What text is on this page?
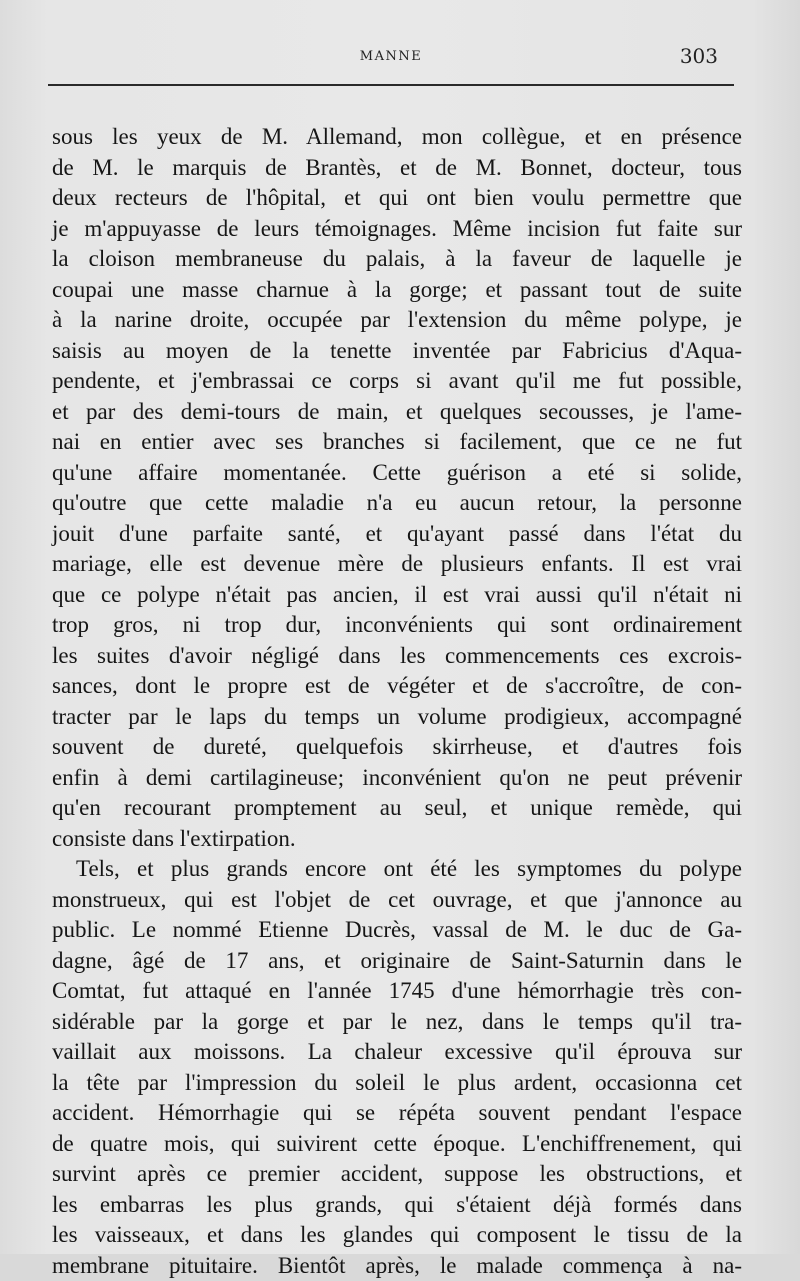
MANNE	303
sous les yeux de M. Allemand, mon collègue, et en présence
de M. le marquis de Brantès, et de M. Bonnet, docteur, tous
deux recteurs de l'hôpital, et qui ont bien voulu permettre que
je m'appuyasse de leurs témoignages. Même incision fut faite sur
la cloison membraneuse du palais, à la faveur de laquelle je
coupai une masse charnue à la gorge; et passant tout de suite
à la narine droite, occupée par l'extension du même polype, je
saisis au moyen de la tenette inventée par Fabricius d'Aqua-
pendente, et j'embrassai ce corps si avant qu'il me fut possible,
et par des demi-tours de main, et quelques secousses, je l'ame-
nai en entier avec ses branches si facilement, que ce ne fut
qu'une affaire momentanée. Cette guérison a eté si solide,
qu'outre que cette maladie n'a eu aucun retour, la personne
jouit d'une parfaite santé, et qu'ayant passé dans l'état du
mariage, elle est devenue mère de plusieurs enfants. Il est vrai
que ce polype n'était pas ancien, il est vrai aussi qu'il n'était ni
trop gros, ni trop dur, inconvénients qui sont ordinairement
les suites d'avoir négligé dans les commencements ces excrois-
sances, dont le propre est de végéter et de s'accroître, de con-
tracter par le laps du temps un volume prodigieux, accompagné
souvent de dureté, quelquefois skirrheuse, et d'autres fois
enfin à demi cartilagineuse; inconvénient qu'on ne peut prévenir
qu'en recourant promptement au seul, et unique remède, qui
consiste dans l'extirpation.
Tels, et plus grands encore ont été les symptomes du polype
monstrueux, qui est l'objet de cet ouvrage, et que j'annonce au
public. Le nommé Etienne Ducrès, vassal de M. le duc de Ga-
dagne, âgé de 17 ans, et originaire de Saint-Saturnin dans le
Comtat, fut attaqué en l'année 1745 d'une hémorrhagie très con-
sidérable par la gorge et par le nez, dans le temps qu'il tra-
vaillait aux moissons. La chaleur excessive qu'il éprouva sur
la tête par l'impression du soleil le plus ardent, occasionna cet
accident. Hémorrhagie qui se répéta souvent pendant l'espace
de quatre mois, qui suivirent cette époque. L'enchiffrenement, qui
survint après ce premier accident, suppose les obstructions, et
les embarras les plus grands, qui s'étaient déjà formés dans
les vaisseaux, et dans les glandes qui composent le tissu de la
membrane pituitaire. Bientôt après, le malade commença à na-
